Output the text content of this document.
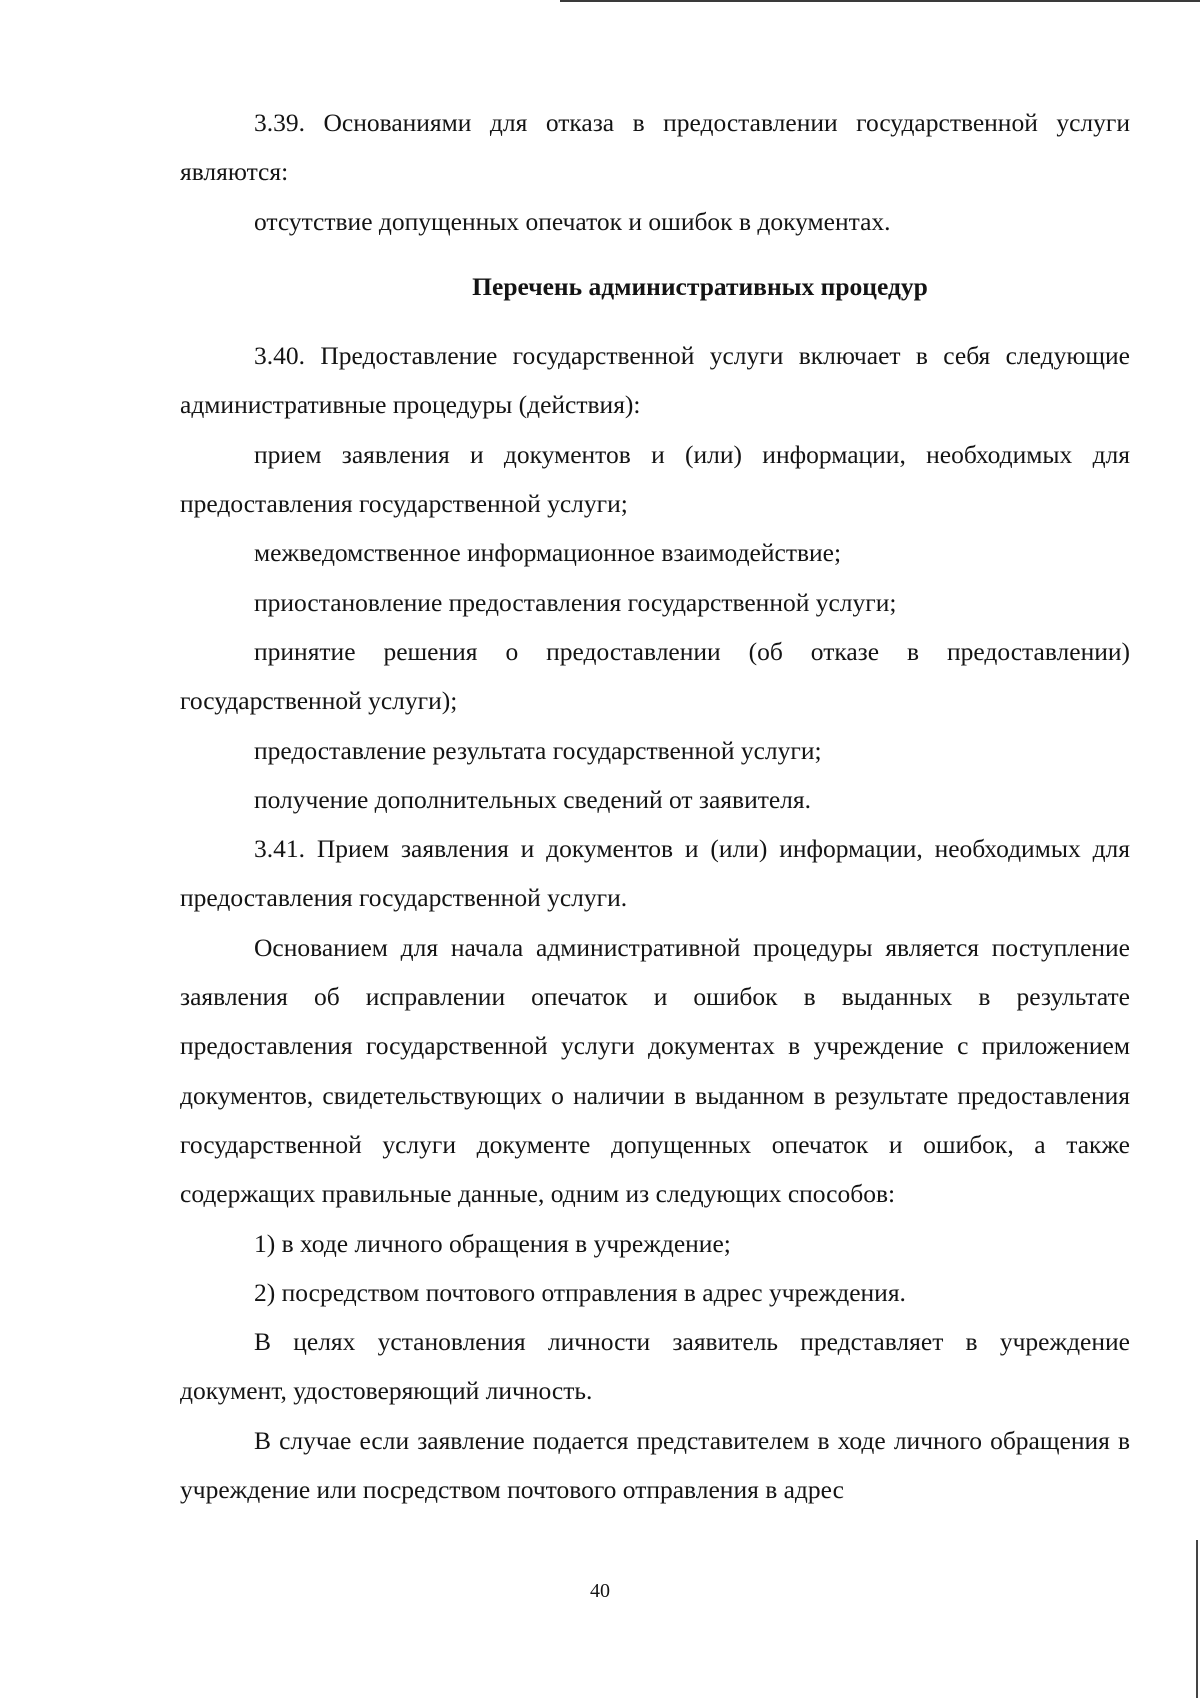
3.39. Основаниями для отказа в предоставлении государственной услуги являются:

отсутствие допущенных опечаток и ошибок в документах.

Перечень административных процедур

3.40. Предоставление государственной услуги включает в себя следующие административные процедуры (действия):

прием заявления и документов и (или) информации, необходимых для предоставления государственной услуги;

межведомственное информационное взаимодействие;

приостановление предоставления государственной услуги;

принятие решения о предоставлении (об отказе в предоставлении) государственной услуги);

предоставление результата государственной услуги;

получение дополнительных сведений от заявителя.

3.41. Прием заявления и документов и (или) информации, необходимых для предоставления государственной услуги.

Основанием для начала административной процедуры является поступление заявления об исправлении опечаток и ошибок в выданных в результате предоставления государственной услуги документах в учреждение с приложением документов, свидетельствующих о наличии в выданном в результате предоставления государственной услуги документе допущенных опечаток и ошибок, а также содержащих правильные данные, одним из следующих способов:

1) в ходе личного обращения в учреждение;

2) посредством почтового отправления в адрес учреждения.

В целях установления личности заявитель представляет в учреждение документ, удостоверяющий личность.

В случае если заявление подается представителем в ходе личного обращения в учреждение или посредством почтового отправления в адрес

40
